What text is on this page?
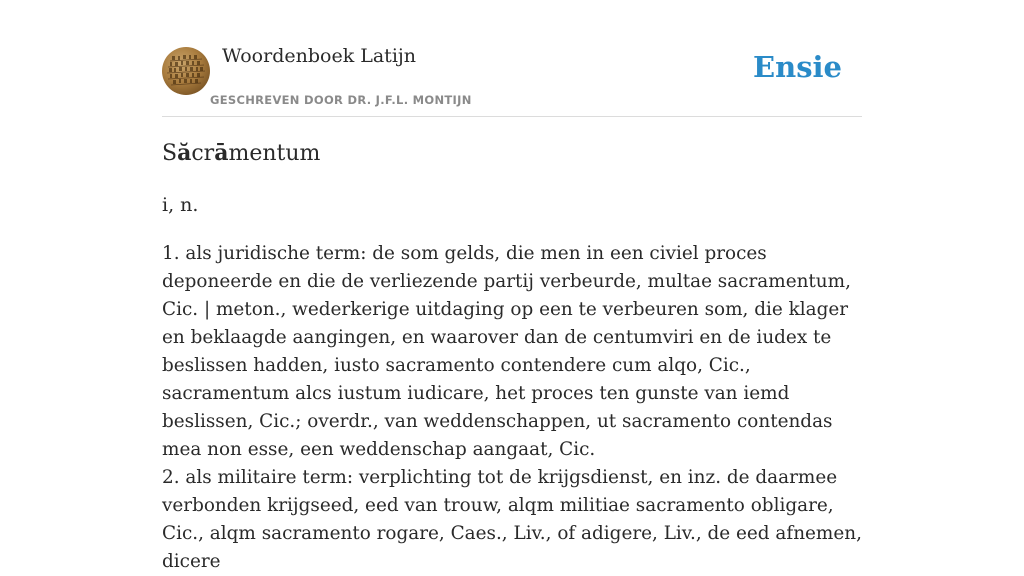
Woordenboek Latijn
GESCHREVEN DOOR DR. J.F.L. MONTIJN
Ensie
Săcrāmentum
i, n.

1. als juridische term: de som gelds, die men in een civiel proces deponeerde en die de verliezende partij verbeurde, multae sacramentum, Cic. | meton., wederkerige uitdaging op een te verbeuren som, die klager en beklaagde aangingen, en waarover dan de centumviri en de iudex te beslissen hadden, iusto sacramento contendere cum alqo, Cic., sacramentum alcs iustum iudicare, het proces ten gunste van iemd beslissen, Cic.; overdr., van weddenschappen, ut sacramento contendas mea non esse, een weddenschap aangaat, Cic.

2. als militaire term: verplichting tot de krijgsdienst, en inz. de daarmee verbonden krijgseed, eed van trouw, alqm militiae sacramento obligare, Cic., alqm sacramento rogare, Caes., Liv., of adigere, Liv., de eed afnemen, dicere
